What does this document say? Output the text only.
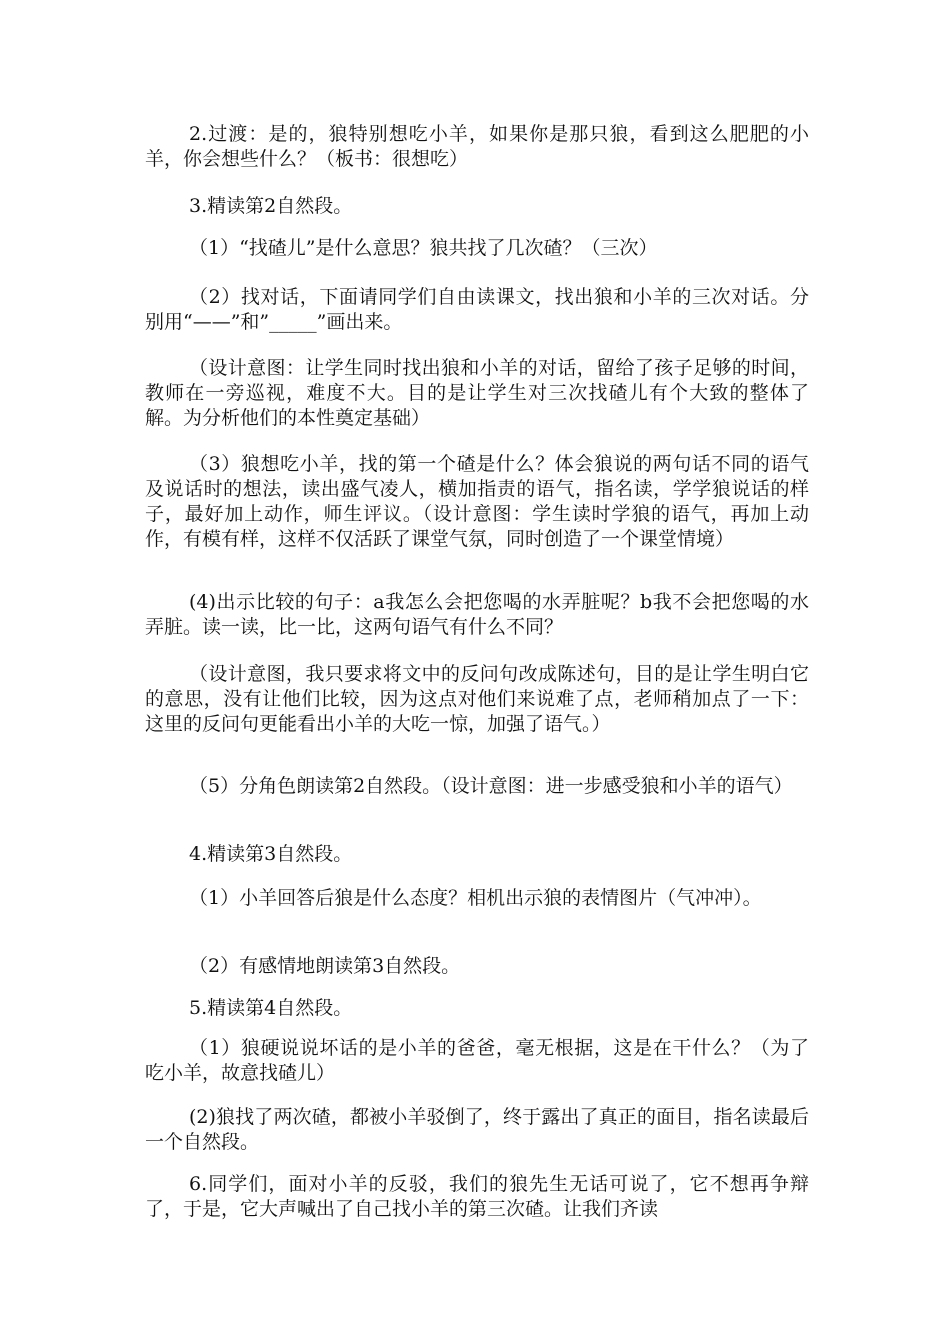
2.过渡：是的，狼特别想吃小羊，如果你是那只狼，看到这么肥肥的小羊，你会想些什么？（板书：很想吃）

3.精读第2自然段。

（1）“找碴儿”是什么意思？狼共找了几次碴？（三次）

（2）找对话，下面请同学们自由读课文，找出狼和小羊的三次对话。分别用“——”和”_____”画出来。

（设计意图：让学生同时找出狼和小羊的对话，留给了孩子足够的时间，教师在一旁巡视，难度不大。目的是让学生对三次找碴儿有个大致的整体了解。为分析他们的本性奠定基础）

（3）狼想吃小羊，找的第一个碴是什么？体会狼说的两句话不同的语气及说话时的想法，读出盛气凌人，横加指责的语气，指名读，学学狼说话的样子，最好加上动作，师生评议。（设计意图：学生读时学狼的语气，再加上动作，有模有样，这样不仅活跃了课堂气氛，同时创造了一个课堂情境）

(4)出示比较的句子：a我怎么会把您喝的水弄脏呢？b我不会把您喝的水弄脏。读一读，比一比，这两句语气有什么不同？

（设计意图，我只要求将文中的反问句改成陈述句，目的是让学生明白它的意思，没有让他们比较，因为这点对他们来说难了点，老师稍加点了一下：这里的反问句更能看出小羊的大吃一惊，加强了语气。）

（5）分角色朗读第2自然段。（设计意图：进一步感受狼和小羊的语气）

4.精读第3自然段。

（1）小羊回答后狼是什么态度？相机出示狼的表情图片（气冲冲）。

（2）有感情地朗读第3自然段。

5.精读第4自然段。

（1）狼硬说说坏话的是小羊的爸爸，毫无根据，这是在干什么？（为了吃小羊，故意找碴儿）

(2)狼找了两次碴，都被小羊驳倒了，终于露出了真正的面目，指名读最后一个自然段。

6.同学们，面对小羊的反驳，我们的狼先生无话可说了，它不想再争辩了，于是，它大声喊出了自己找小羊的第三次碴。让我们齐读
